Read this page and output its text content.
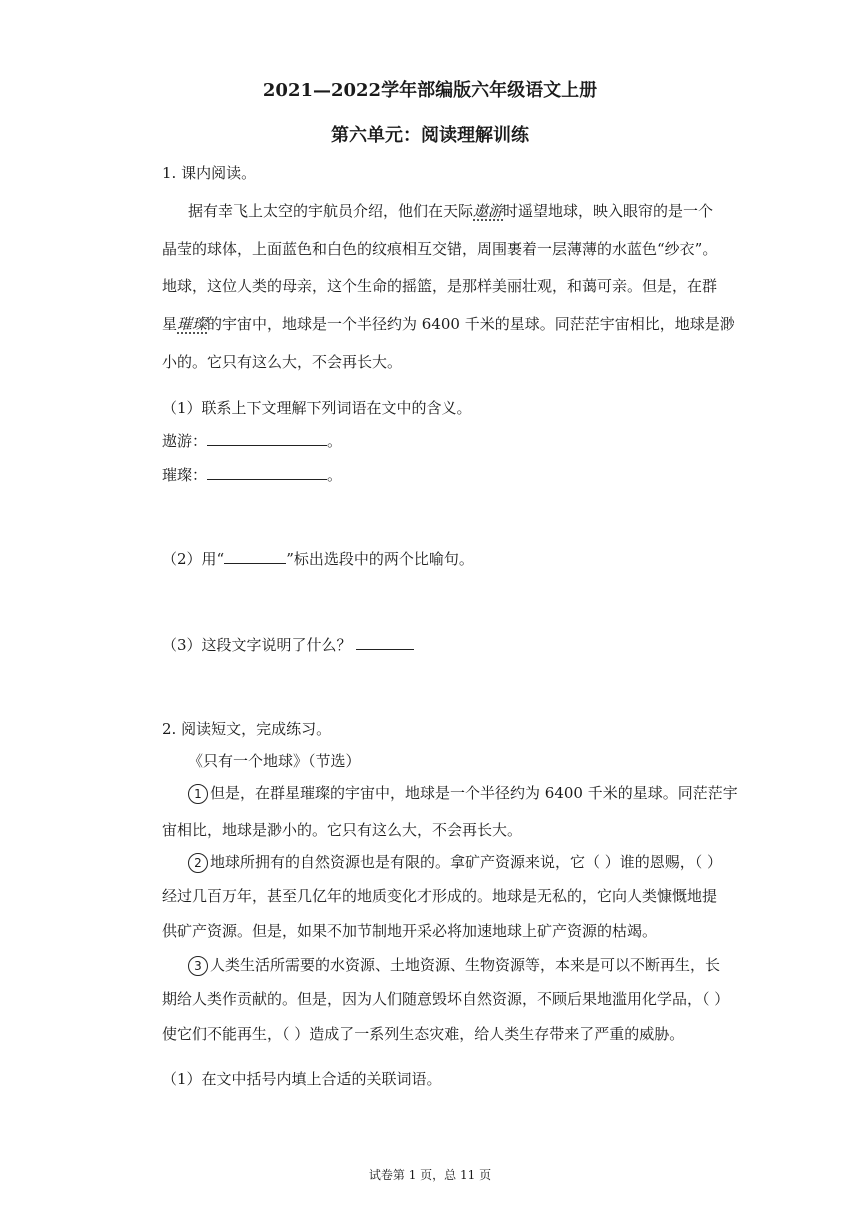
2021—2022学年部编版六年级语文上册
第六单元：阅读理解训练
1. 课内阅读。
据有幸飞上太空的宇航员介绍，他们在天际遨游时遥望地球，映入眼帘的是一个
晶莹的球体，上面蓝色和白色的纹痕相互交错，周围裹着一层薄薄的水蓝色“纱衣”。
地球，这位人类的母亲，这个生命的摇篮，是那样美丽壮观，和蔼可亲。但是，在群
星璀璨的宇宙中，地球是一个半径约为 6400 千米的星球。同茫茫宇宙相比，地球是渺
小的。它只有这么大，不会再长大。
（1）联系上下文理解下列词语在文中的含义。
遨游：	。
璀璨：	。
（2）用“	”标出选段中的两个比喻句。
（3）这段文字说明了什么？
2. 阅读短文，完成练习。
《只有一个地球》（节选）
1 但是，在群星璀璨的宇宙中，地球是一个半径约为 6400 千米的星球。同茫茫宇
宙相比，地球是渺小的。它只有这么大，不会再长大。
2 地球所拥有的自然资源也是有限的。拿矿产资源来说，它（ ）谁的恩赐，（ ）
经过几百万年，甚至几亿年的地质变化才形成的。地球是无私的，它向人类慷慨地提
供矿产资源。但是，如果不加节制地开采必将加速地球上矿产资源的枯竭。
3 人类生活所需要的水资源、土地资源、生物资源等，本来是可以不断再生，长
期给人类作贡献的。但是，因为人们随意毁坏自然资源，不顾后果地滥用化学品，（ ）
使它们不能再生，（ ）造成了一系列生态灾难，给人类生存带来了严重的威胁。
（1）在文中括号内填上合适的关联词语。
试卷第 1 页，总 11 页
